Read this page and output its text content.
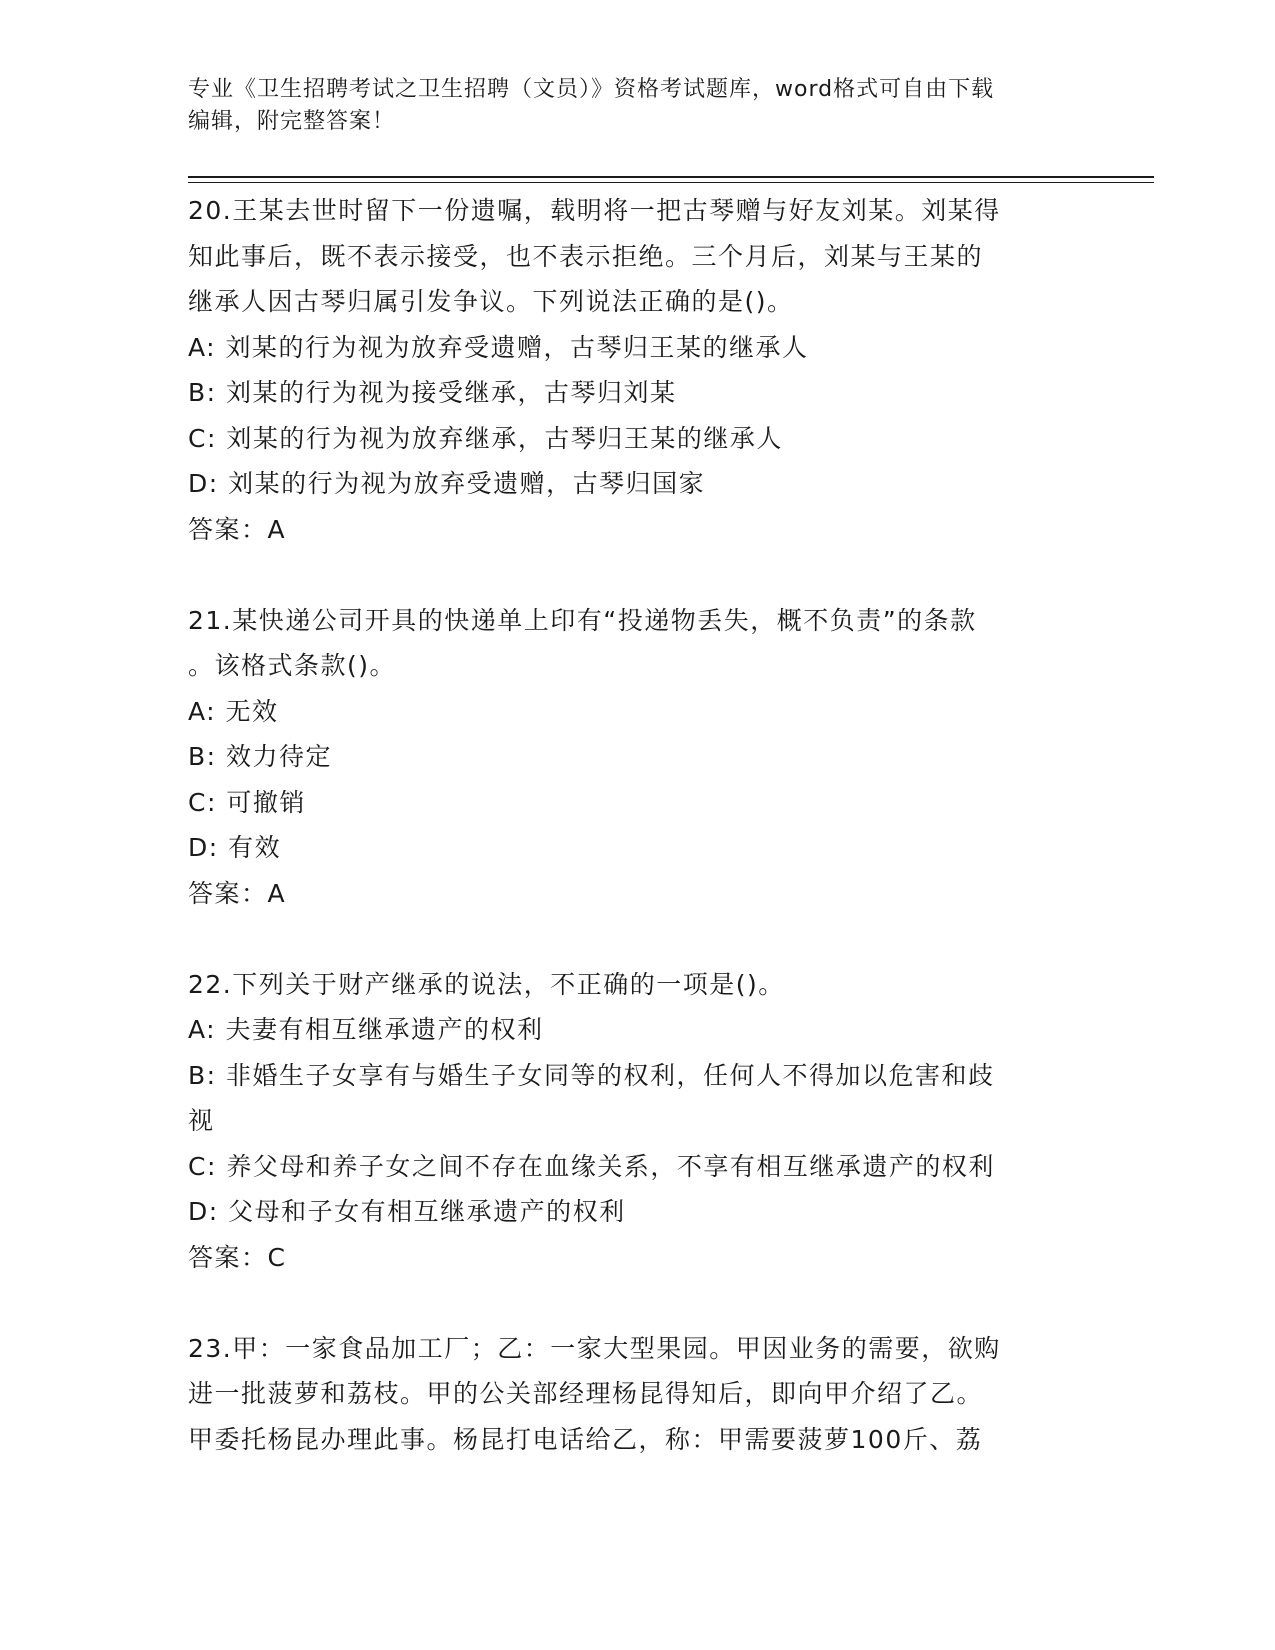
专业《卫生招聘考试之卫生招聘（文员）》资格考试题库，word格式可自由下载
编辑，附完整答案！
20.王某去世时留下一份遗嘱，载明将一把古琴赠与好友刘某。刘某得
知此事后，既不表示接受，也不表示拒绝。三个月后，刘某与王某的
继承人因古琴归属引发争议。下列说法正确的是()。
A: 刘某的行为视为放弃受遗赠，古琴归王某的继承人
B: 刘某的行为视为接受继承，古琴归刘某
C: 刘某的行为视为放弃继承，古琴归王某的继承人
D: 刘某的行为视为放弃受遗赠，古琴归国家
答案：A
21.某快递公司开具的快递单上印有“投递物丢失，概不负责”的条款
。该格式条款()。
A: 无效
B: 效力待定
C: 可撤销
D: 有效
答案：A
22.下列关于财产继承的说法，不正确的一项是()。
A: 夫妻有相互继承遗产的权利
B: 非婚生子女享有与婚生子女同等的权利，任何人不得加以危害和歧
视
C: 养父母和养子女之间不存在血缘关系，不享有相互继承遗产的权利
D: 父母和子女有相互继承遗产的权利
答案：C
23.甲：一家食品加工厂；乙：一家大型果园。甲因业务的需要，欲购
进一批菠萝和荔枝。甲的公关部经理杨昆得知后，即向甲介绍了乙。
甲委托杨昆办理此事。杨昆打电话给乙，称：甲需要菠萝100斤、荔
